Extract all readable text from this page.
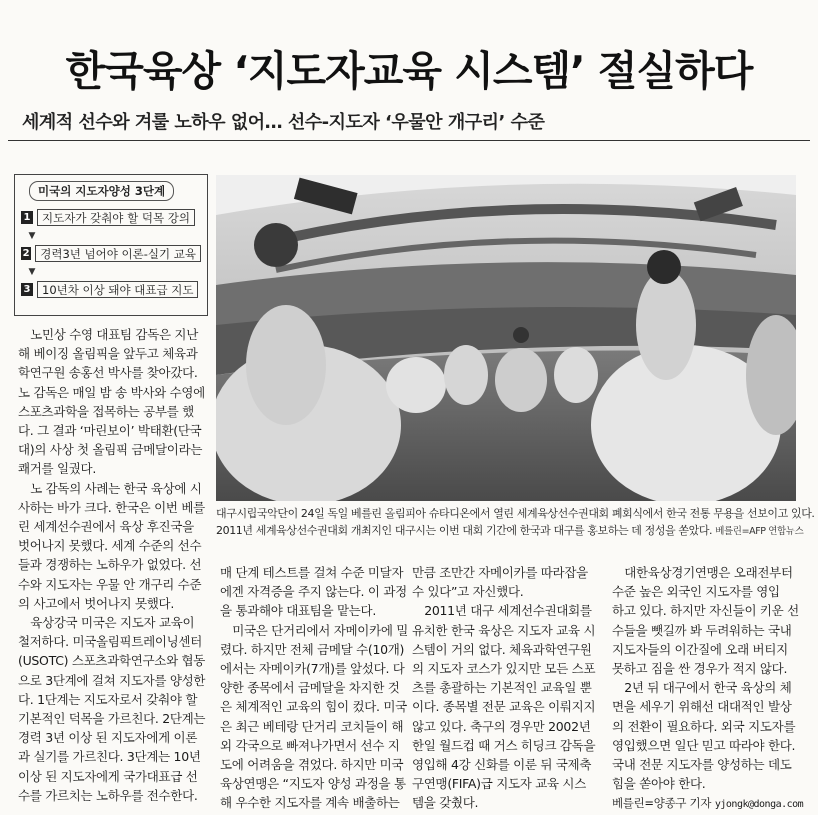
한국육상 ‘지도자교육 시스템’ 절실하다
세계적 선수와 겨룰 노하우 없어… 선수-지도자 ‘우물안 개구리’ 수준
미국의 지도자양성 3단계
1	지도자가 갖춰야 할 덕목 강의
▼
2 경력3년 넘어야 이론-실기 교육
▼
3	10년차 이상 돼야 대표급 지도

대구시립국악단이 24일 독일 베를린 올림피아 슈타디온에서 열린 세계육상선수권대회 폐회식에서 한국 전통 무용을 선보이고 있다.

2011년 세계육상선수권대회 개최지인 대구시는 이번 대회 기간에 한국과 대구를 홍보하는 데 정성을 쏟았다. 베를린=AFP 연합뉴스

　노민상 수영 대표팀 감독은 지난

해 베이징 올림픽을 앞두고 체육과

학연구원 송홍선 박사를 찾아갔다.

노 감독은 매일 밤 송 박사와 수영에

스포츠과학을 접목하는 공부를 했

다. 그 결과 ‘마린보이’ 박태환(단국

대)의 사상 첫 올림픽 금메달이라는

쾌거를 일궜다.

　노 감독의 사례는 한국 육상에 시

사하는 바가 크다. 한국은 이번 베를

린 세계선수권에서 육상 후진국을

벗어나지 못했다. 세계 수준의 선수

들과 경쟁하는 노하우가 없었다. 선

수와 지도자는 우물 안 개구리 수준

의 사고에서 벗어나지 못했다.

　육상강국 미국은 지도자 교육이

철저하다. 미국올림픽트레이닝센터

(USOTC) 스포츠과학연구소와 협동

으로 3단계에 걸쳐 지도자를 양성한

다. 1단계는 지도자로서 갖춰야 할

기본적인 덕목을 가르친다. 2단계는

경력 3년 이상 된 지도자에게 이론

과 실기를 가르친다. 3단계는 10년

이상 된 지도자에게 국가대표급 선

수를 가르치는 노하우를 전수한다.

매 단계 테스트를 걸쳐 수준 미달자

에겐 자격증을 주지 않는다. 이 과정

을 통과해야 대표팀을 맡는다.

　미국은 단거리에서 자메이카에 밀

렸다. 하지만 전체 금메달 수(10개)

에서는 자메이카(7개)를 앞섰다. 다

양한 종목에서 금메달을 차지한 것

은 체계적인 교육의 힘이 컸다. 미국

은 최근 베테랑 단거리 코치들이 해

외 각국으로 빠져나가면서 선수 지

도에 어려움을 겪었다. 하지만 미국

육상연맹은 “지도자 양성 과정을 통

해 우수한 지도자를 계속 배출하는

만큼 조만간 자메이카를 따라잡을

수 있다”고 자신했다.

　2011년 대구 세계선수권대회를

유치한 한국 육상은 지도자 교육 시

스템이 거의 없다. 체육과학연구원

의 지도자 코스가 있지만 모든 스포

츠를 총괄하는 기본적인 교육일 뿐

이다. 종목별 전문 교육은 이뤄지지

않고 있다. 축구의 경우만 2002년

한일 월드컵 때 거스 히딩크 감독을

영입해 4강 신화를 이룬 뒤 국제축

구연맹(FIFA)급 지도자 교육 시스

템을 갖췄다.

　대한육상경기연맹은 오래전부터

수준 높은 외국인 지도자를 영입

하고 있다. 하지만 자신들이 키운 선

수들을 뺏길까 봐 두려워하는 국내

지도자들의 이간질에 오래 버티지

못하고 짐을 싼 경우가 적지 않다.

　2년 뒤 대구에서 한국 육상의 체

면을 세우기 위해선 대대적인 발상

의 전환이 필요하다. 외국 지도자를

영입했으면 일단 믿고 따라야 한다.

국내 전문 지도자를 양성하는 데도

힘을 쏟아야 한다.

베를린=양종구 기자 yjongk@donga.com
